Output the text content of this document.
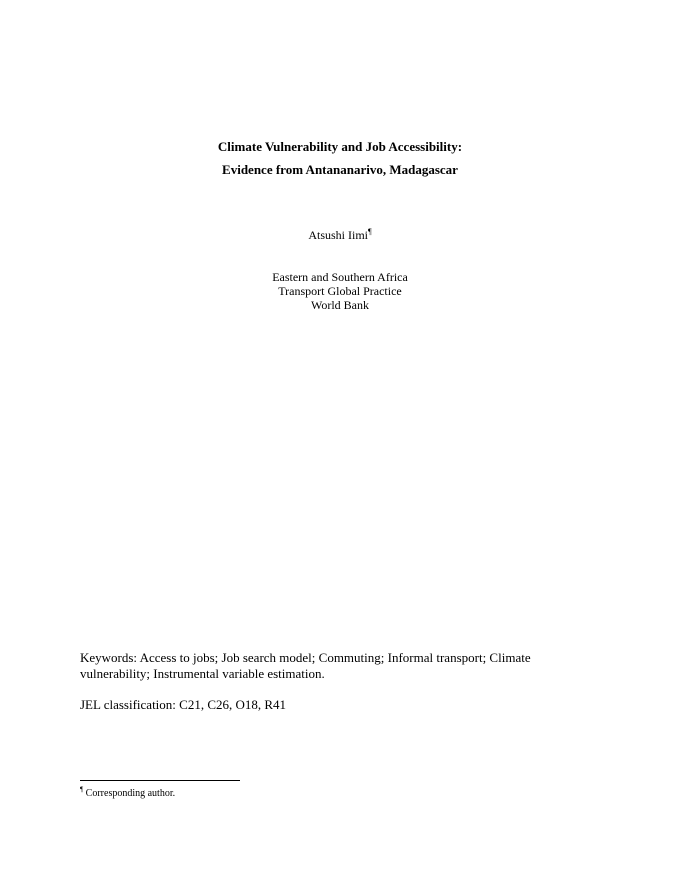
Climate Vulnerability and Job Accessibility:
Evidence from Antananarivo, Madagascar
Atsushi Iimi¶
Eastern and Southern Africa
Transport Global Practice
World Bank
Keywords: Access to jobs; Job search model; Commuting; Informal transport; Climate vulnerability; Instrumental variable estimation.
JEL classification: C21, C26, O18, R41
¶ Corresponding author.
